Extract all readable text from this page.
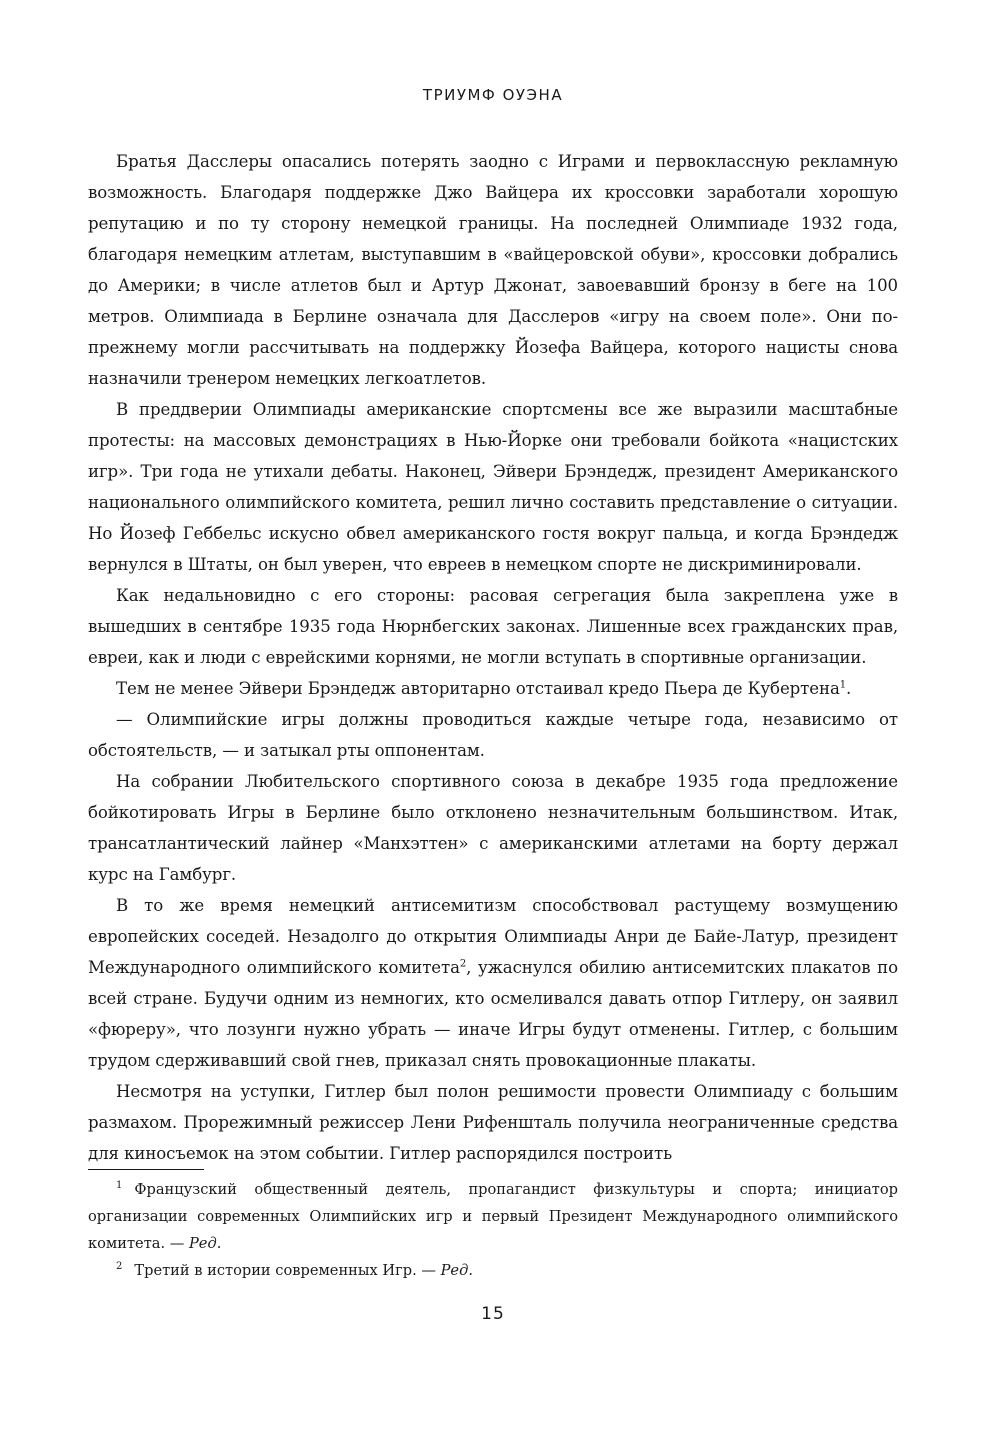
ТРИУМФ ОУЭНА

Братья Дасслеры опасались потерять заодно с Играми и первоклассную рекламную возможность. Благодаря поддержке Джо Вайцера их кроссовки заработали хорошую репутацию и по ту сторону немецкой границы. На последней Олимпиаде 1932 года, благодаря немецким атлетам, выступавшим в «вайцеровской обуви», кроссовки добрались до Америки; в числе атлетов был и Артур Джонат, завоевавший бронзу в беге на 100 метров. Олимпиада в Берлине означала для Дасслеров «игру на своем поле». Они по-прежнему могли рассчитывать на поддержку Йозефа Вайцера, которого нацисты снова назначили тренером немецких легкоатлетов.

В преддверии Олимпиады американские спортсмены все же выразили масштабные протесты: на массовых демонстрациях в Нью-Йорке они требовали бойкота «нацистских игр». Три года не утихали дебаты. Наконец, Эйвери Брэндедж, президент Американского национального олимпийского комитета, решил лично составить представление о ситуации. Но Йозеф Геббельс искусно обвел американского гостя вокруг пальца, и когда Брэндедж вернулся в Штаты, он был уверен, что евреев в немецком спорте не дискриминировали.

Как недальновидно с его стороны: расовая сегрегация была закреплена уже в вышедших в сентябре 1935 года Нюрнбегских законах. Лишенные всех гражданских прав, евреи, как и люди с еврейскими корнями, не могли вступать в спортивные организации.

Тем не менее Эйвери Брэндедж авторитарно отстаивал кредо Пьера де Кубертена$^1$.

— Олимпийские игры должны проводиться каждые четыре года, независимо от обстоятельств, — и затыкал рты оппонентам.

На собрании Любительского спортивного союза в декабре 1935 года предложение бойкотировать Игры в Берлине было отклонено незначительным большинством. Итак, трансатлантический лайнер «Манхэттен» с американскими атлетами на борту держал курс на Гамбург.

В то же время немецкий антисемитизм способствовал растущему возмущению европейских соседей. Незадолго до открытия Олимпиады Анри де Байе-Латур, президент Международного олимпийского комитета$^2$, ужаснулся обилию антисемитских плакатов по всей стране. Будучи одним из немногих, кто осмеливался давать отпор Гитлеру, он заявил «фюреру», что лозунги нужно убрать — иначе Игры будут отменены. Гитлер, с большим трудом сдерживавший свой гнев, приказал снять провокационные плакаты.

Несмотря на уступки, Гитлер был полон решимости провести Олимпиаду с большим размахом. Прорежимный режиссер Лени Рифеншталь получила неограниченные средства для киносъемок на этом событии. Гитлер распорядился построить

$^1$ Французский общественный деятель, пропагандист физкультуры и спорта; инициатор организации современных Олимпийских игр и первый Президент Международного олимпийского комитета. — Ред.

$^2$ Третий в истории современных Игр. — Ред.

15
